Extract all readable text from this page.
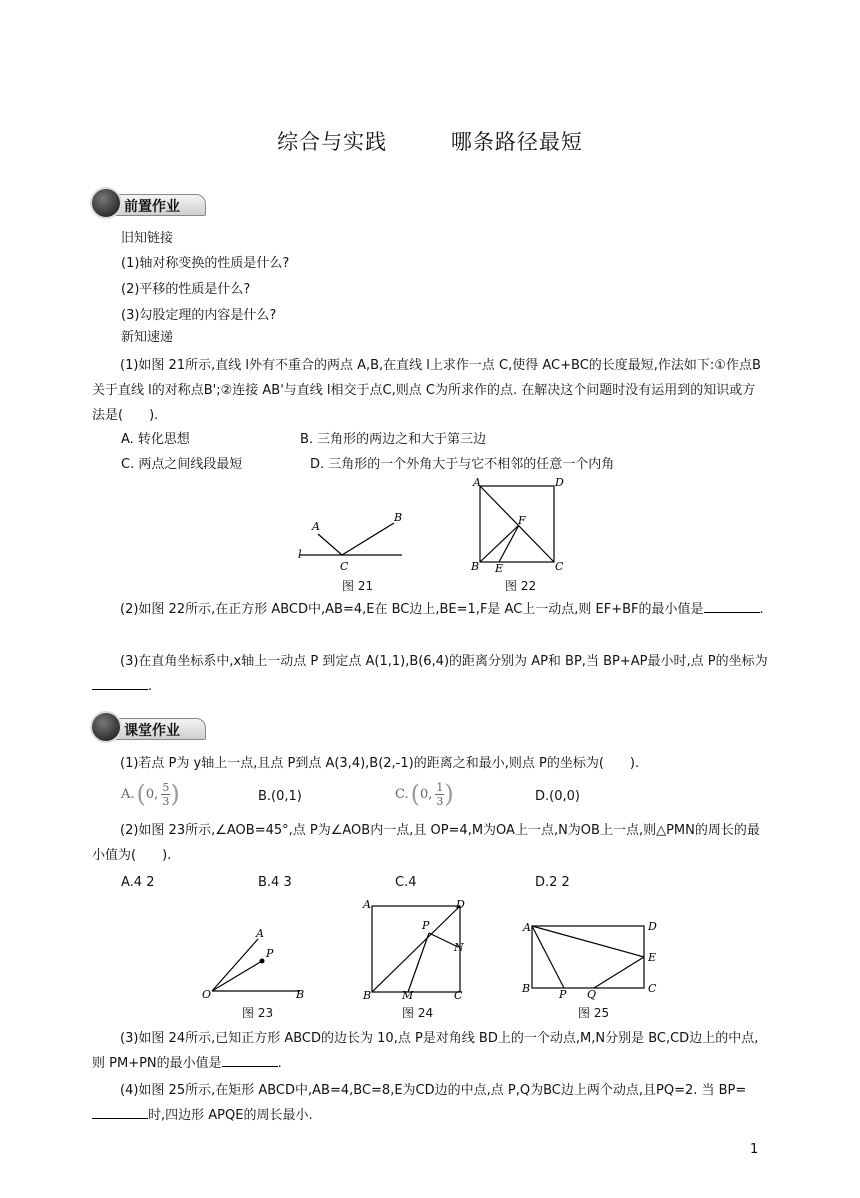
综合与实践	哪条路径最短
前置作业
旧知链接
(1)轴对称变换的性质是什么?
(2)平移的性质是什么?
(3)勾股定理的内容是什么?
新知速递
(1)如图 21所示,直线 l外有不重合的两点 A,B,在直线 l上求作一点 C,使得 AC+BC的长度最短,作法如下:①作点B关于直线 l的对称点B';②连接 AB'与直线 l相交于点C,则点 C为所求作的点. 在解决这个问题时没有运用到的知识或方法是(　　).
A. 转化思想	B. 三角形的两边之和大于第三边
C. 两点之间线段最短	D. 三角形的一个外角大于与它不相邻的任意一个内角
A
B
l
C
图 21
A	D
F
B E	C
图 22
(2)如图 22所示,在正方形 ABCD中,AB=4,E在 BC边上,BE=1,F是 AC上一动点,则 EF+BF的最小值是	.
(3)在直角坐标系中,x轴上一动点 P 到定点 A(1,1),B(6,4)的距离分别为 AP和 BP,当 BP+AP最小时,点 P的坐标为.
课堂作业
(1)若点 P为 y轴上一点,且点 P到点 A(3,4),B(2,-1)的距离之和最小,则点 P的坐标为(　　).
A. ( 0, 5
3 )	B.(0,1)	C. ( 0, 1
3 )	D.(0,0)
(2)如图 23所示,∠AOB=45°,点 P为∠AOB内一点,且 OP=4,M为OA上一点,N为OB上一点,则△PMN的周长的最小值为(　　).
A.4 2	B.4 3	C.4	D.2 2
A
P
O	B
图 23
A	D
P
N
B	M	C
图 24
A	D
E
B	P Q	C
图 25
(3)如图 24所示,已知正方形 ABCD的边长为 10,点 P是对角线 BD上的一个动点,M,N分别是 BC,CD边上的中点,则 PM+PN的最小值是	.
(4)如图 25所示,在矩形 ABCD中,AB=4,BC=8,E为CD边的中点,点 P,Q为BC边上两个动点,且PQ=2. 当 BP=时,四边形 APQE的周长最小.
1
